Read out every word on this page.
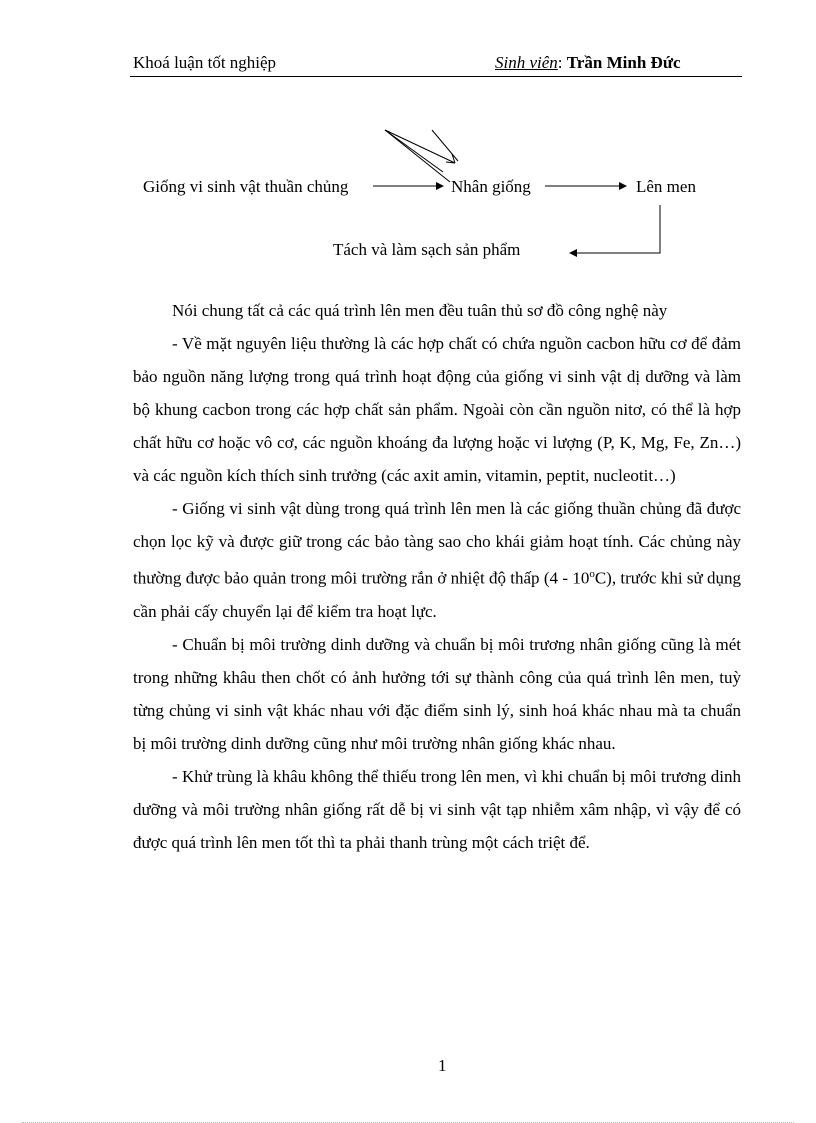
Khoá luận tốt nghiệp	Sinh viên: Trần Minh Đức
Giống vi sinh vật thuần chủng	Nhân giống	Lên men
Tách và làm sạch sản phẩm

Nói chung tất cả các quá trình lên men đều tuân thủ sơ đồ công nghệ này

- Về mặt nguyên liệu thường là các hợp chất có chứa nguồn cacbon hữu cơ để đảm bảo nguồn năng lượng trong quá trình hoạt động của giống vi sinh vật dị dưỡng và làm bộ khung cacbon trong các hợp chất sản phẩm. Ngoài còn cần nguồn nitơ, có thể là hợp chất hữu cơ hoặc vô cơ, các nguồn khoáng đa lượng hoặc vi lượng (P, K, Mg, Fe, Zn…) và các nguồn kích thích sinh trưởng (các axit amin, vitamin, peptit, nucleotit…)

- Giống vi sinh vật dùng trong quá trình lên men là các giống thuần chủng đã được chọn lọc kỹ và được giữ trong các bảo tàng sao cho khái giảm hoạt tính. Các chủng này thường được bảo quản trong môi trường rắn ở nhiệt độ thấp (4 - 10$^o$C), trước khi sử dụng cần phải cấy chuyển lại để kiểm tra hoạt lực.

- Chuẩn bị môi trường dinh dưỡng và chuẩn bị môi trương nhân giống cũng là mét trong những khâu then chốt có ảnh hưởng tới sự thành công của quá trình lên men, tuỳ từng chủng vi sinh vật khác nhau với đặc điểm sinh lý, sinh hoá khác nhau mà ta chuẩn bị môi trường dinh dưỡng cũng như môi trường nhân giống khác nhau.

- Khử trùng là khâu không thể thiếu trong lên men, vì khi chuẩn bị môi trương dinh dưỡng và môi trường nhân giống rất dễ bị vi sinh vật tạp nhiễm xâm nhập, vì vậy để có được quá trình lên men tốt thì ta phải thanh trùng một cách triệt để.

1
